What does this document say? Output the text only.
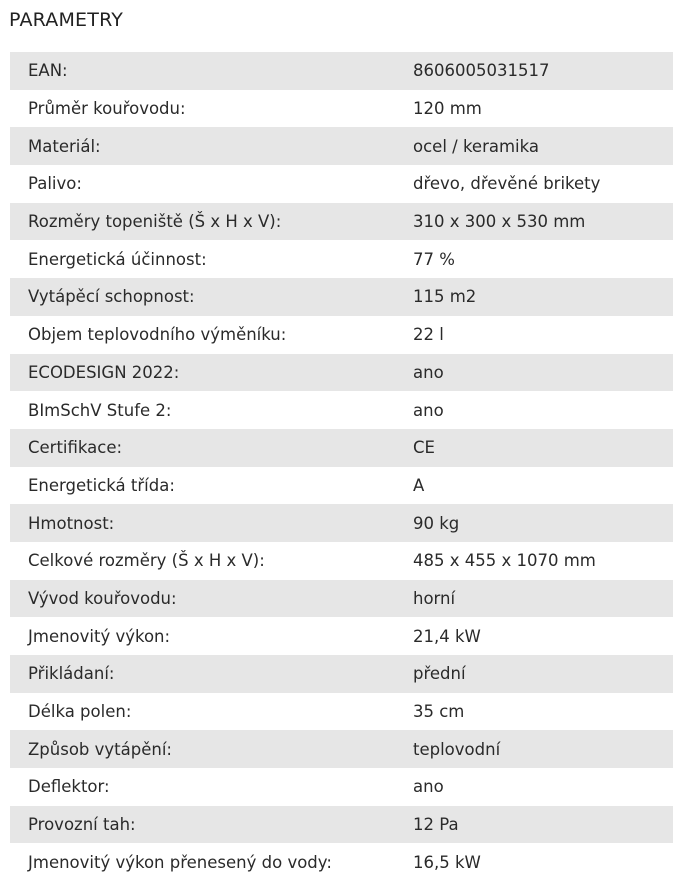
PARAMETRY
EAN:	8606005031517
Průměr kouřovodu:	120 mm
Materiál:	ocel / keramika
Palivo:	dřevo, dřevěné brikety
Rozměry topeniště (Š x H x V):	310 x 300 x 530 mm
Energetická účinnost:	77 %
Vytápěcí schopnost:	115 m2
Objem teplovodního výměníku:	22 l
ECODESIGN 2022:	ano
BImSchV Stufe 2:	ano
Certifikace:	CE
Energetická třída:	A
Hmotnost:	90 kg
Celkové rozměry (Š x H x V):	485 x 455 x 1070 mm
Vývod kouřovodu:	horní
Jmenovitý výkon:	21,4 kW
Přikládaní:	přední
Délka polen:	35 cm
Způsob vytápění:	teplovodní
Deflektor:	ano
Provozní tah:	12 Pa
Jmenovitý výkon přenesený do vody:	16,5 kW
